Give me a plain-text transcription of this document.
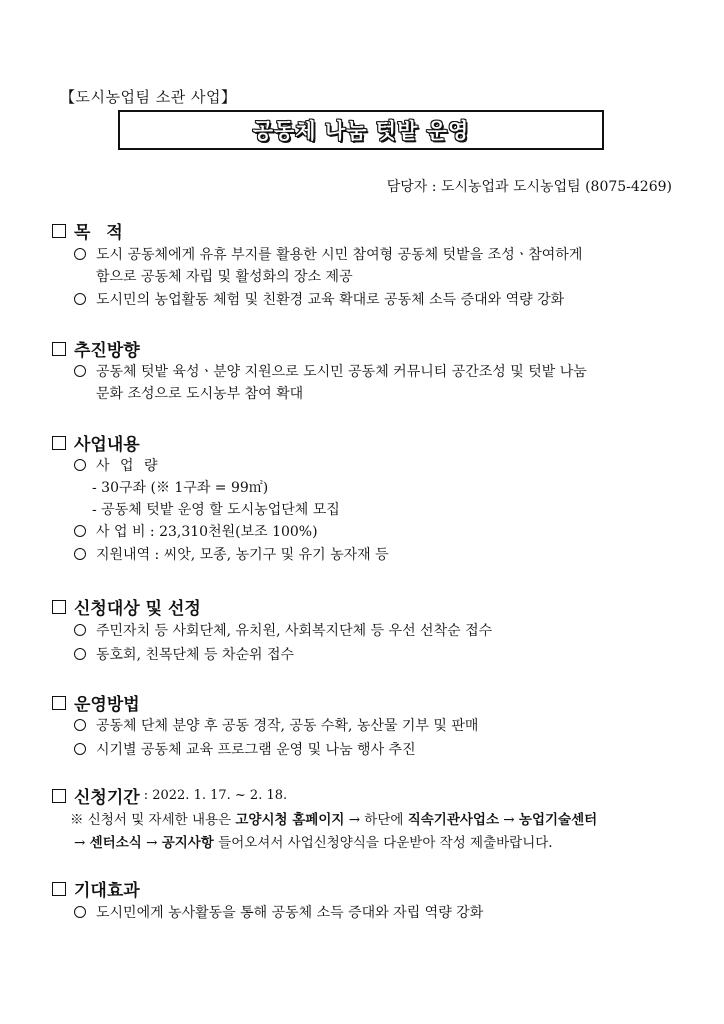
【도시농업팀 소관 사업】
공동체 나눔 텃밭 운영
담당자 : 도시농업과 도시농업팀 (8075-4269)
목 적
도시 공동체에게 유휴 부지를 활용한 시민 참여형 공동체 텃밭을 조성ㆍ참여하게
함으로 공동체 자립 및 활성화의 장소 제공
도시민의 농업활동 체험 및 친환경 교육 확대로 공동체 소득 증대와 역량 강화
추진방향
공동체 텃밭 육성ㆍ분양 지원으로 도시민 공동체 커뮤니티 공간조성 및 텃밭 나눔
문화 조성으로 도시농부 참여 확대
사업내용
사 업 량
- 30구좌 (※ 1구좌 = 99㎡)
- 공동체 텃밭 운영 할 도시농업단체 모집
사 업 비 : 23,310천원(보조 100%)
지원내역 : 씨앗, 모종, 농기구 및 유기 농자재 등
신청대상 및 선정
주민자치 등 사회단체, 유치원, 사회복지단체 등 우선 선착순 접수
동호회, 친목단체 등 차순위 접수
운영방법
공동체 단체 분양 후 공동 경작, 공동 수확, 농산물 기부 및 판매
시기별 공동체 교육 프로그램 운영 및 나눔 행사 추진
신청기간 : 2022. 1. 17. ~ 2. 18.
※ 신청서 및 자세한 내용은 고양시청 홈페이지 → 하단에 직속기관사업소 → 농업기술센터
→ 센터소식 → 공지사항 들어오셔서 사업신청양식을 다운받아 작성 제출바랍니다.
기대효과
도시민에게 농사활동을 통해 공동체 소득 증대와 자립 역량 강화
